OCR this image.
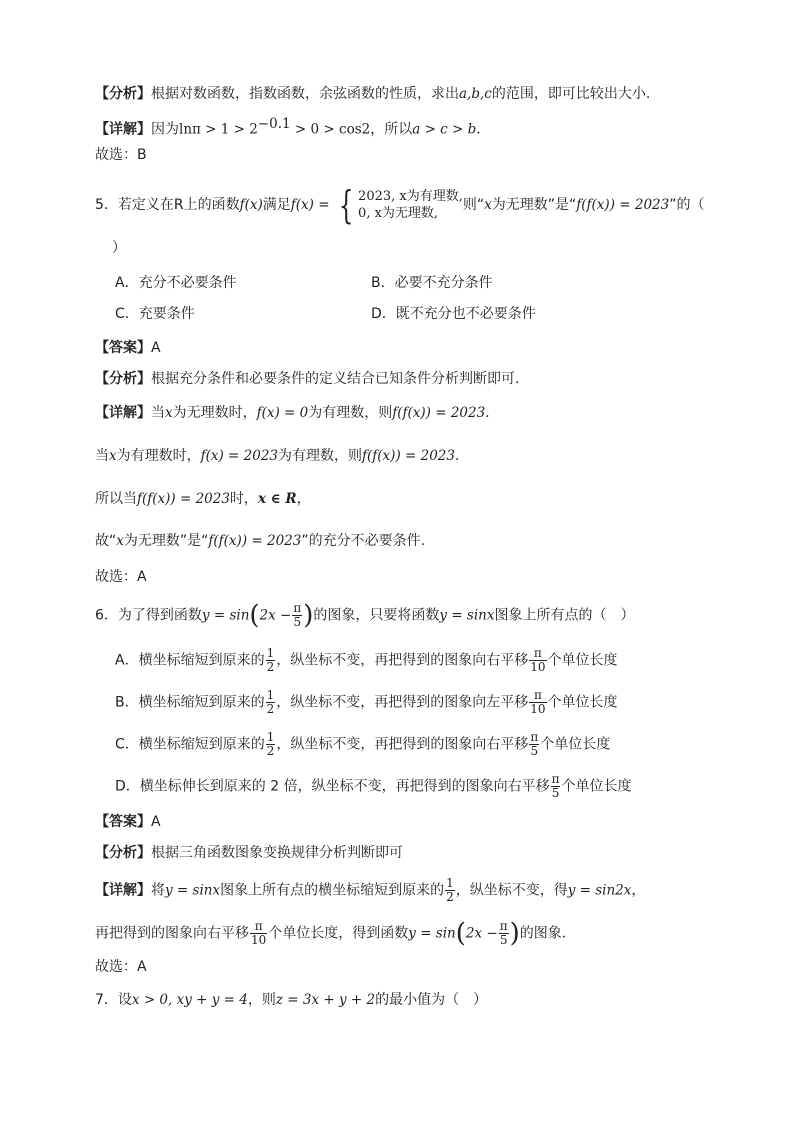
【分析】根据对数函数，指数函数，余弦函数的性质，求出a,b,c的范围，即可比较出大小.
【详解】因为$\ln\pi > 1 > 2^{-0.1} > 0 > \cos 2$，所以a > c > b．
故选：B
5．若定义在R上的函数f(x)满足f(x) = { 2023, x为有理数,
0, x为无理数,
则“x为无理数”是“f(f(x)) = 2023”的（
）
A．充分不必要条件	B．必要不充分条件
C．充要条件	D．既不充分也不必要条件
【答案】A
【分析】根据充分条件和必要条件的定义结合已知条件分析判断即可.
【详解】当x为无理数时，f(x) = 0为有理数，则f(f(x)) = 2023.
当x为有理数时，f(x) = 2023为有理数，则f(f(x)) = 2023.
所以当f(f(x)) = 2023时，x ∈ R，
故“x为无理数”是“f(f(x)) = 2023”的充分不必要条件.
故选：A
6．为了得到函数$y = \sin(2x - \frac{\pi}{5}$ )的图象，只要将函数y = sinx图象上所有点的（　）
A．横坐标缩短到原来的 $\frac{1}{2}$ ，纵坐标不变，再把得到的图象向右平移 $\frac{\pi}{10}$ 个单位长度
B．横坐标缩短到原来的 $\frac{1}{2}$ ，纵坐标不变，再把得到的图象向左平移 $\frac{\pi}{10}$ 个单位长度
C．横坐标缩短到原来的 $\frac{1}{2}$ ，纵坐标不变，再把得到的图象向右平移 $\frac{\pi}{5}$ 个单位长度
D．横坐标伸长到原来的 2 倍，纵坐标不变，再把得到的图象向右平移 $\frac{\pi}{5}$ 个单位长度
【答案】A
【分析】根据三角函数图象变换规律分析判断即可
【详解】将y = sinx图象上所有点的横坐标缩短到原来的 $\frac{1}{2}$ ，纵坐标不变，得y = sin2x，
再把得到的图象向右平移 $\frac{\pi}{10}$ 个单位长度，得到函数$y = \sin(2x - \frac{\pi}{5}$ )的图象．
故选：A
7．设x > 0, xy + y = 4，则z = 3x + y + 2的最小值为（　）
